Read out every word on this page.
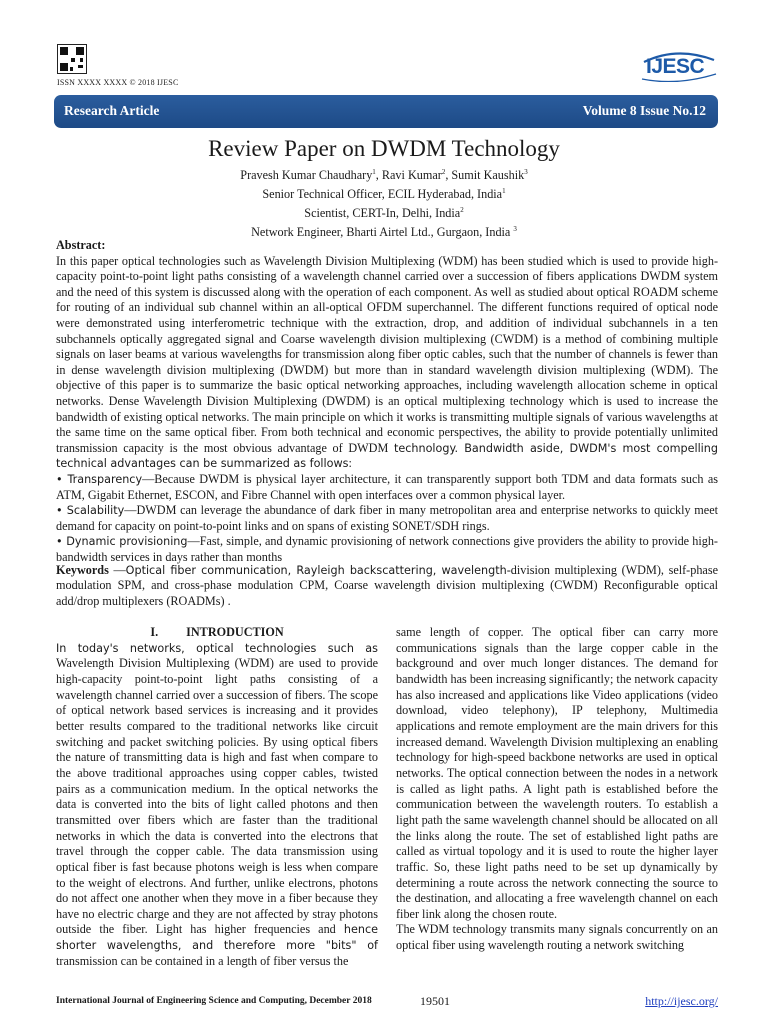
ISSN XXXX XXXX © 2018 IJESC
IJESC
Research Article	Volume 8 Issue No.12
Review Paper on DWDM Technology
Pravesh Kumar Chaudhary$^1$, Ravi Kumar$^2$, Sumit Kaushik$^3$
Senior Technical Officer, ECIL Hyderabad, India$^1$
Scientist, CERT-In, Delhi, India$^2$
Network Engineer, Bharti Airtel Ltd., Gurgaon, India $^3$

Abstract:

In this paper optical technologies such as Wavelength Division Multiplexing (WDM) has been studied which is used to provide high-capacity point-to-point light paths consisting of a wavelength channel carried over a succession of fibers applications DWDM system and the need of this system is discussed along with the operation of each component. As well as studied about optical ROADM scheme for routing of an individual sub channel within an all-optical OFDM superchannel. The different functions required of optical node were demonstrated using interferometric technique with the extraction, drop, and addition of individual subchannels in a ten subchannels optically aggregated signal and Coarse wavelength division multiplexing (CWDM) is a method of combining multiple signals on laser beams at various wavelengths for transmission along fiber optic cables, such that the number of channels is fewer than in dense wavelength division multiplexing (DWDM) but more than in standard wavelength division multiplexing (WDM). The objective of this paper is to summarize the basic optical networking approaches, including wavelength allocation scheme in optical networks. Dense Wavelength Division Multiplexing (DWDM) is an optical multiplexing technology which is used to increase the bandwidth of existing optical networks. The main principle on which it works is transmitting multiple signals of various wavelengths at the same time on the same optical fiber. From both technical and economic perspectives, the ability to provide potentially unlimited transmission capacity is the most obvious advantage of DWDM technology. Bandwidth aside, DWDM's most compelling technical advantages can be summarized as follows:

• Transparency—Because DWDM is physical layer architecture, it can transparently support both TDM and data formats such as ATM, Gigabit Ethernet, ESCON, and Fibre Channel with open interfaces over a common physical layer.

• Scalability—DWDM can leverage the abundance of dark fiber in many metropolitan area and enterprise networks to quickly meet demand for capacity on point-to-point links and on spans of existing SONET/SDH rings.

• Dynamic provisioning—Fast, simple, and dynamic provisioning of network connections give providers the ability to provide high-bandwidth services in days rather than months

Keywords —Optical fiber communication, Rayleigh backscattering, wavelength-division multiplexing (WDM), self-phase modulation SPM, and cross-phase modulation CPM, Coarse wavelength division multiplexing (CWDM) Reconfigurable optical add/drop multiplexers (ROADMs) .
I. INTRODUCTION

In today's networks, optical technologies such as Wavelength Division Multiplexing (WDM) are used to provide high-capacity point-to-point light paths consisting of a wavelength channel carried over a succession of fibers. The scope of optical network based services is increasing and it provides better results compared to the traditional networks like circuit switching and packet switching policies. By using optical fibers the nature of transmitting data is high and fast when compare to the above traditional approaches using copper cables, twisted pairs as a communication medium. In the optical networks the data is converted into the bits of light called photons and then transmitted over fibers which are faster than the traditional networks in which the data is converted into the electrons that travel through the copper cable. The data transmission using optical fiber is fast because photons weigh is less when compare to the weight of electrons. And further, unlike electrons, photons do not affect one another when they move in a fiber because they have no electric charge and they are not affected by stray photons outside the fiber. Light has higher frequencies and hence shorter wavelengths, and therefore more "bits" of transmission can be contained in a length of fiber versus the

same length of copper. The optical fiber can carry more communications signals than the large copper cable in the background and over much longer distances. The demand for bandwidth has been increasing significantly; the network capacity has also increased and applications like Video applications (video download, video telephony), IP telephony, Multimedia applications and remote employment are the main drivers for this increased demand. Wavelength Division multiplexing an enabling technology for high-speed backbone networks are used in optical networks. The optical connection between the nodes in a network is called as light paths. A light path is established before the communication between the wavelength routers. To establish a light path the same wavelength channel should be allocated on all the links along the route. The set of established light paths are called as virtual topology and it is used to route the higher layer traffic. So, these light paths need to be set up dynamically by determining a route across the network connecting the source to the destination, and allocating a free wavelength channel on each fiber link along the chosen route.

The WDM technology transmits many signals concurrently on an optical fiber using wavelength routing a network switching

International Journal of Engineering Science and Computing, December 2018	19501	http://ijesc.org/
